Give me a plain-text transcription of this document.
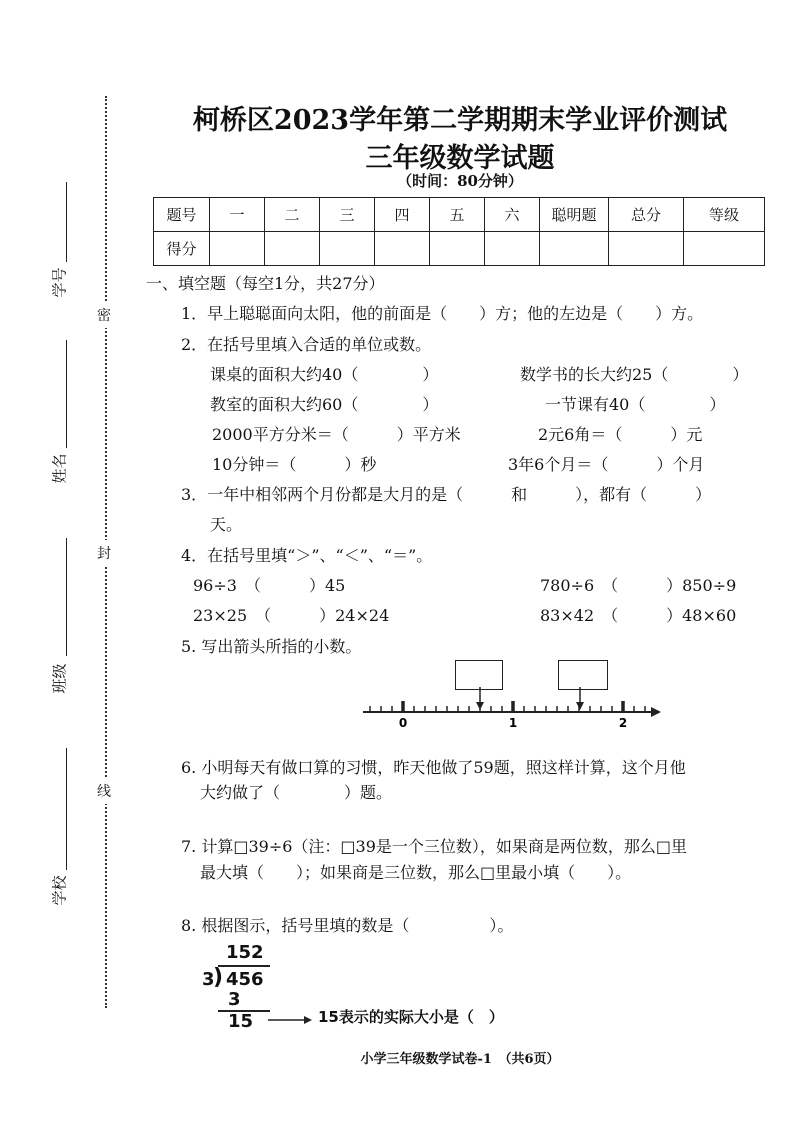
学号
姓名
班级
学校
密
封
线
柯桥区2023学年第二学期期末学业评价测试
三年级数学试题
（时间：80分钟）
题号	一	二	三	四	五	六	聪明题	总分	等级
得分									
一、填空题（每空1分，共27分）
1．早上聪聪面向太阳，他的前面是（　　）方；他的左边是（　　）方。
2．在括号里填入合适的单位或数。
课桌的面积大约40（　　　　）	数学书的长大约25（　　　　）
教室的面积大约60（　　　　）	一节课有40（　　　　）
2000平方分米＝（　　　）平方米	2元6角＝（　　　）元
10分钟＝（　　　）秒	3年6个月＝（　　　）个月
3．一年中相邻两个月份都是大月的是（　　　和　　　），都有（　　　）
天。
4．在括号里填“＞”、“＜”、“＝”。
96÷3　（　　　）45	780÷6　（　　　）850÷9
23×25　（　　　）24×24	83×42　（　　　）48×60
5. 写出箭头所指的小数。
0	1	2
6. 小明每天有做口算的习惯，昨天他做了59题，照这样计算，这个月他
大约做了（　　　　）题。
7. 计算□39÷6（注：□39是一个三位数），如果商是两位数，那么□里
最大填（　　）；如果商是三位数，那么□里最小填（　　）。
8. 根据图示，括号里填的数是（　　　　　）。
152
3
) 456
3
15	15表示的实际大小是（　）
小学三年级数学试卷-1　（共6页）
